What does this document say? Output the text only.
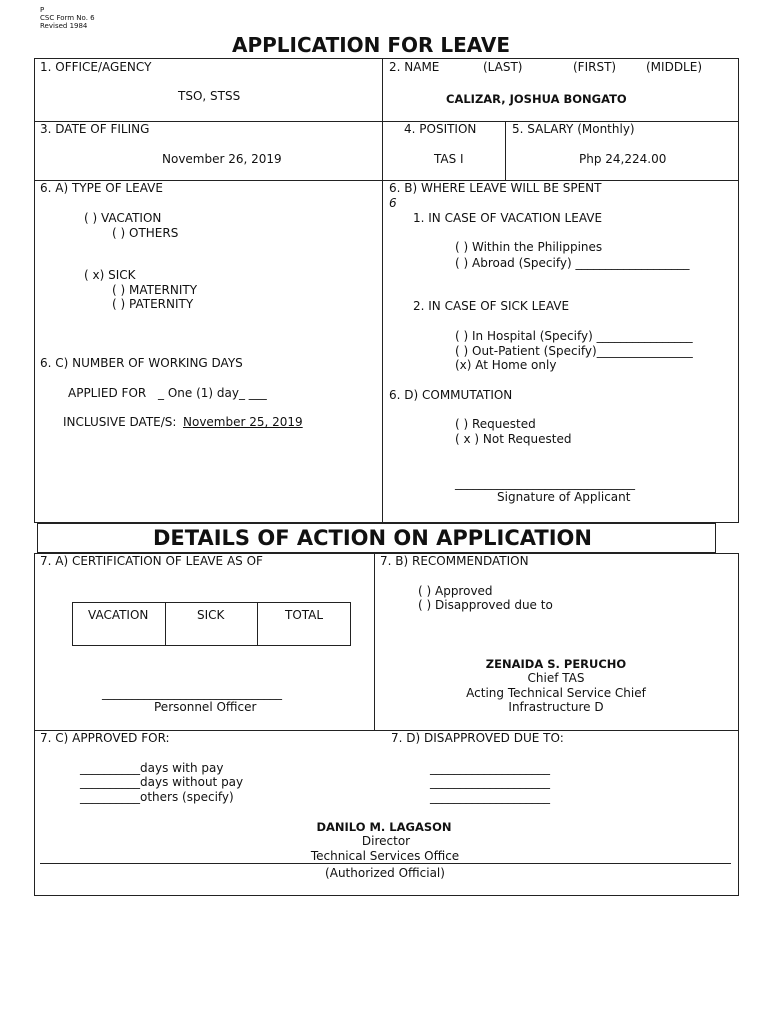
P
CSC Form No. 6
Revised 1984
APPLICATION FOR LEAVE
1. OFFICE/AGENCY
TSO, STSS
2. NAME	(LAST)	(FIRST) (MIDDLE)
CALIZAR, JOSHUA BONGATO
3. DATE OF FILING
November 26, 2019
4. POSITION
TAS I
5. SALARY (Monthly)
Php 24,224.00
6. A) TYPE OF LEAVE
( ) VACATION
( ) OTHERS
( x) SICK
( ) MATERNITY
( ) PATERNITY
6. C) NUMBER OF WORKING DAYS
APPLIED FOR _ One (1) day_ ___
INCLUSIVE DATE/S: November 25, 2019
6. B) WHERE LEAVE WILL BE SPENT
6
1. IN CASE OF VACATION LEAVE
( ) Within the Philippines
( ) Abroad (Specify) ___________________
2. IN CASE OF SICK LEAVE
( ) In Hospital (Specify) ________________
( ) Out-Patient (Specify)________________
(x) At Home only
6. D) COMMUTATION
( ) Requested
( x ) Not Requested
______________________________
Signature of Applicant
DETAILS OF ACTION ON APPLICATION
7. A) CERTIFICATION OF LEAVE AS OF
VACATION	SICK	TOTAL
______________________________
Personnel Officer
7. B) RECOMMENDATION
( ) Approved
( ) Disapproved due to
ZENAIDA S. PERUCHO
Chief TAS
Acting Technical Service Chief
Infrastructure D
7. C) APPROVED FOR:
__________days with pay
__________days without pay
__________others (specify)
7. D) DISAPPROVED DUE TO:
____________________
____________________
____________________
DANILO M. LAGASON
Director
Technical Services Office
(Authorized Official)
